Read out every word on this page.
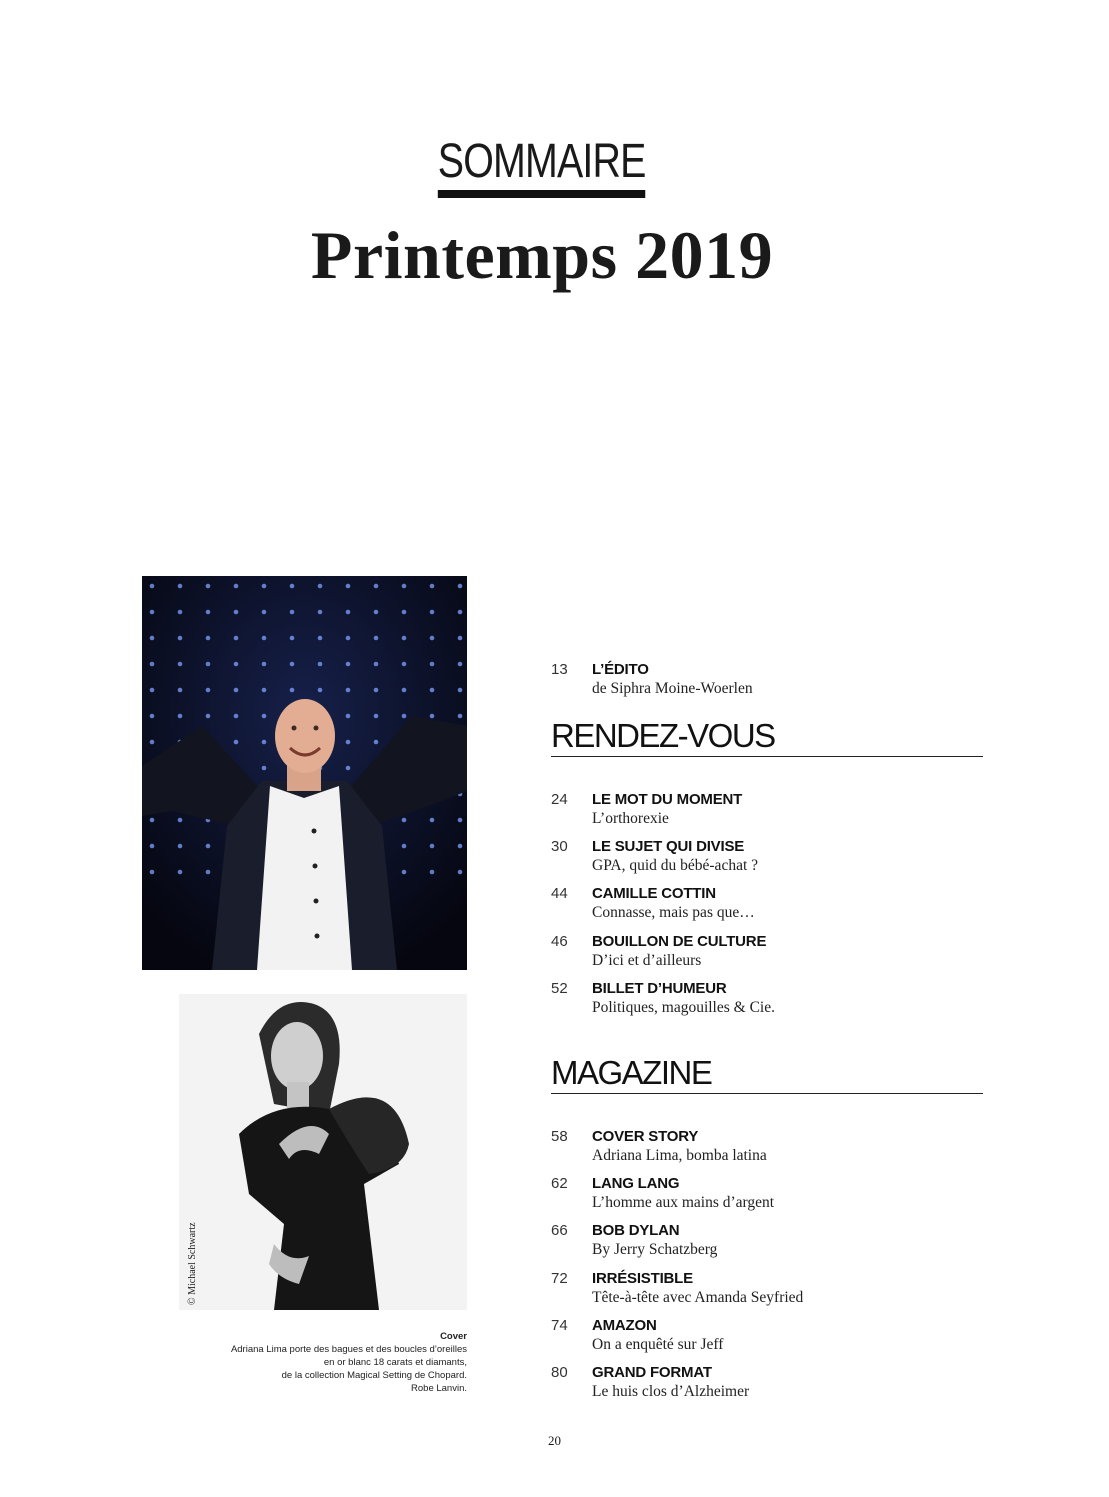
SOMMAIRE
Printemps 2019
© Michael Schwartz
Cover
Adriana Lima porte des bagues et des boucles d’oreilles
en or blanc 18 carats et diamants,
de la collection Magical Setting de Chopard.
Robe Lanvin.
13 L’ÉDITO
de Siphra Moine-Woerlen
RENDEZ-VOUS
24 LE MOT DU MOMENT
L’orthorexie
30 LE SUJET QUI DIVISE
GPA, quid du bébé-achat ?
44 CAMILLE COTTIN
Connasse, mais pas que…
46 BOUILLON DE CULTURE
D’ici et d’ailleurs
52 BILLET D’HUMEUR
Politiques, magouilles & Cie.
MAGAZINE
58 COVER STORY
Adriana Lima, bomba latina
62 LANG LANG
L’homme aux mains d’argent
66 BOB DYLAN
By Jerry Schatzberg
72 IRRÉSISTIBLE
Tête-à-tête avec Amanda Seyfried
74 AMAZON
On a enquêté sur Jeff
80 GRAND FORMAT
Le huis clos d’Alzheimer
20
